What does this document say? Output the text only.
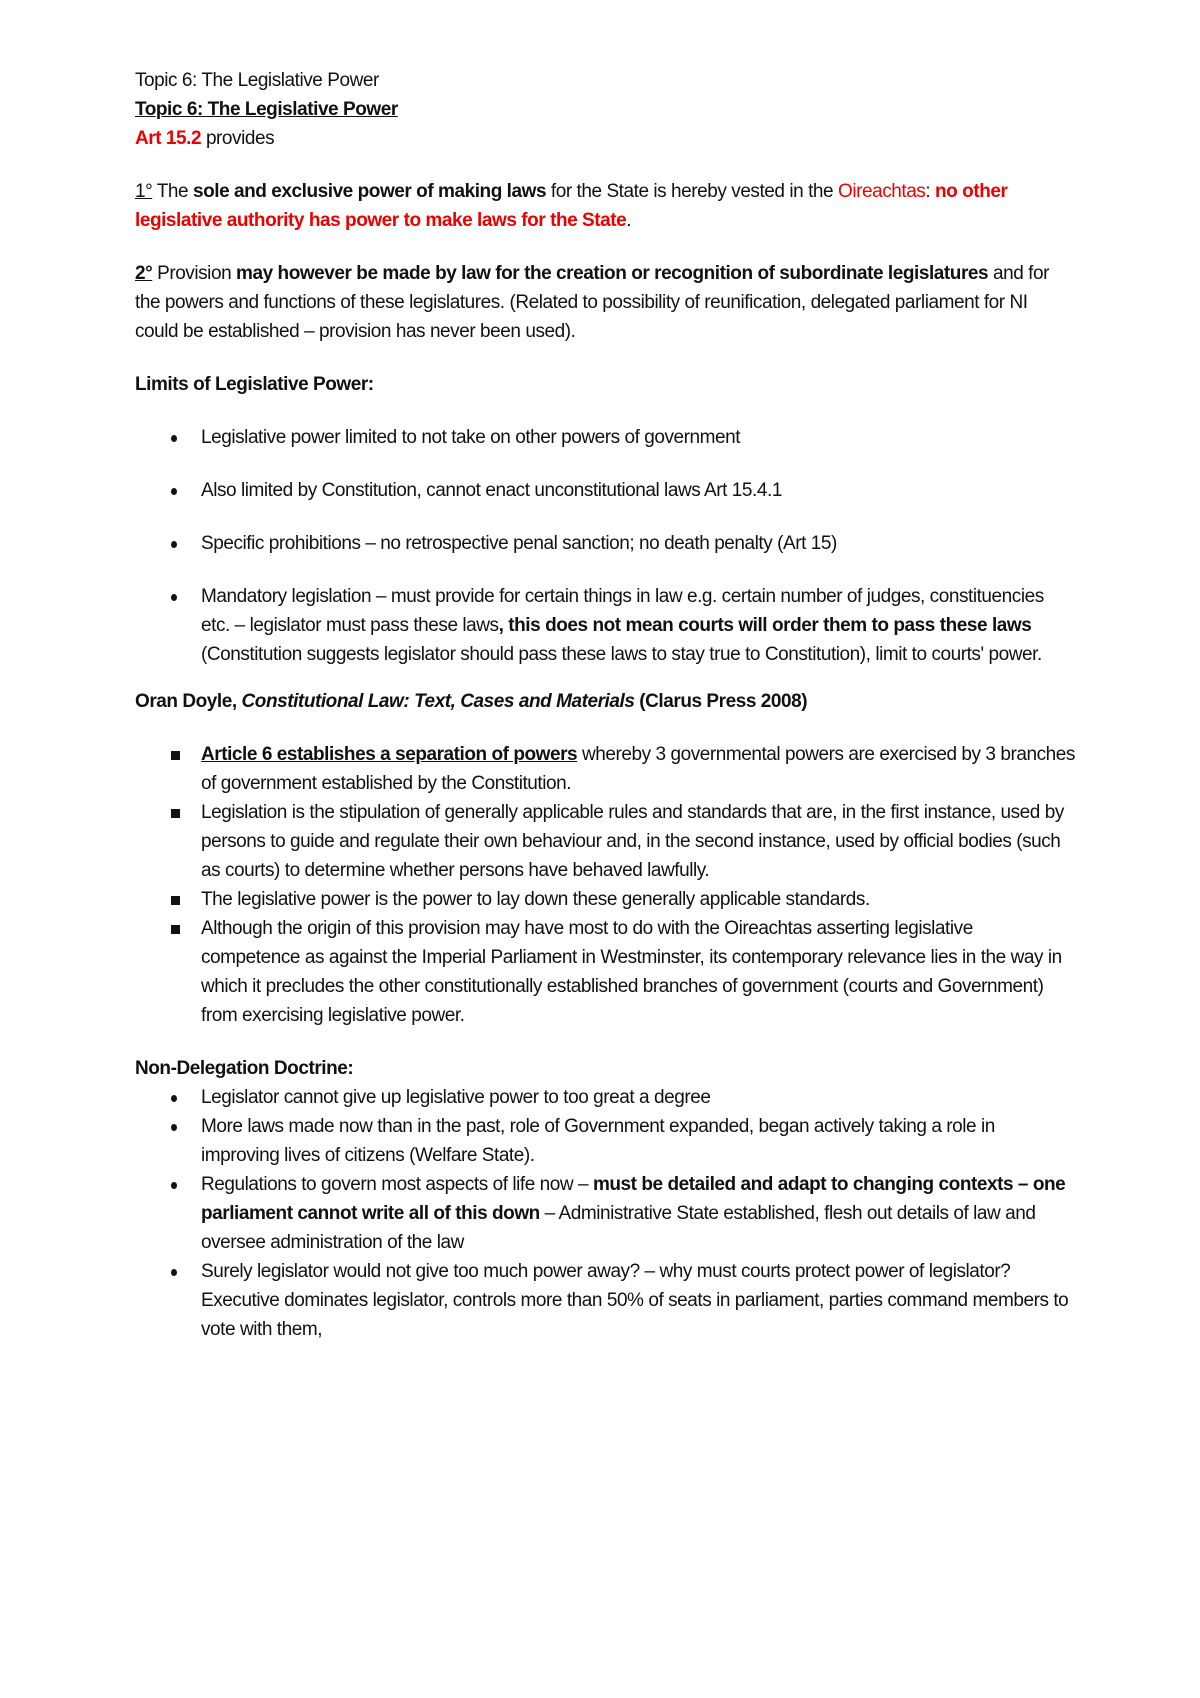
Topic 6: The Legislative Power

Topic 6: The Legislative Power

Art 15.2 provides

1° The sole and exclusive power of making laws for the State is hereby vested in the Oireachtas: no other legislative authority has power to make laws for the State.

2° Provision may however be made by law for the creation or recognition of subordinate legislatures and for the powers and functions of these legislatures. (Related to possibility of reunification, delegated parliament for NI could be established – provision has never been used).

Limits of Legislative Power:

Legislative power limited to not take on other powers of government
Also limited by Constitution, cannot enact unconstitutional laws Art 15.4.1
Specific prohibitions – no retrospective penal sanction; no death penalty (Art 15)
Mandatory legislation – must provide for certain things in law e.g. certain number of judges, constituencies etc. – legislator must pass these laws, this does not mean courts will order them to pass these laws (Constitution suggests legislator should pass these laws to stay true to Constitution), limit to courts' power.

Oran Doyle, Constitutional Law: Text, Cases and Materials (Clarus Press 2008)

Article 6 establishes a separation of powers whereby 3 governmental powers are exercised by 3 branches of government established by the Constitution.
Legislation is the stipulation of generally applicable rules and standards that are, in the first instance, used by persons to guide and regulate their own behaviour and, in the second instance, used by official bodies (such as courts) to determine whether persons have behaved lawfully.
The legislative power is the power to lay down these generally applicable standards.
Although the origin of this provision may have most to do with the Oireachtas asserting legislative competence as against the Imperial Parliament in Westminster, its contemporary relevance lies in the way in which it precludes the other constitutionally established branches of government (courts and Government) from exercising legislative power.

Non-Delegation Doctrine:

Legislator cannot give up legislative power to too great a degree
More laws made now than in the past, role of Government expanded, began actively taking a role in improving lives of citizens (Welfare State).
Regulations to govern most aspects of life now – must be detailed and adapt to changing contexts – one parliament cannot write all of this down – Administrative State established, flesh out details of law and oversee administration of the law
Surely legislator would not give too much power away? – why must courts protect power of legislator? Executive dominates legislator, controls more than 50% of seats in parliament, parties command members to vote with them,
